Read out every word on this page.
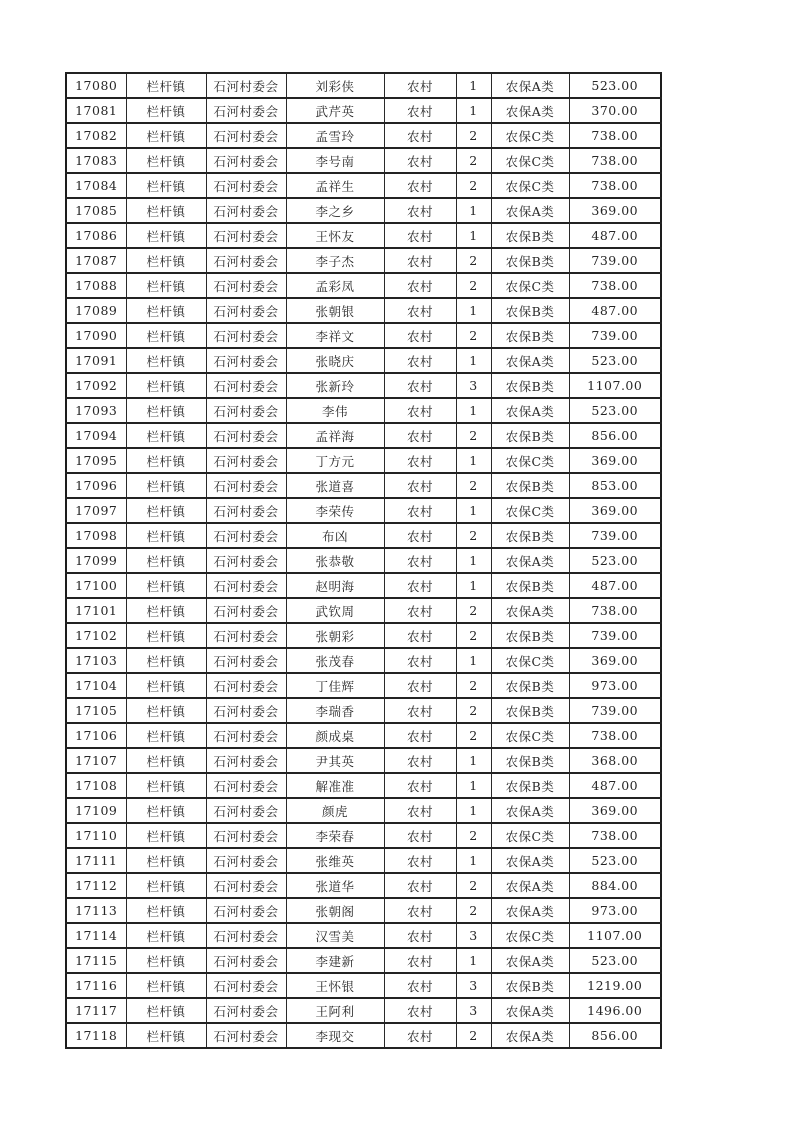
17080	栏杆镇	石河村委会	刘彩侠	农村	1	农保A类	523.00
17081	栏杆镇	石河村委会	武芹英	农村	1	农保A类	370.00
17082	栏杆镇	石河村委会	孟雪玲	农村	2	农保C类	738.00
17083	栏杆镇	石河村委会	李号南	农村	2	农保C类	738.00
17084	栏杆镇	石河村委会	孟祥生	农村	2	农保C类	738.00
17085	栏杆镇	石河村委会	李之乡	农村	1	农保A类	369.00
17086	栏杆镇	石河村委会	王怀友	农村	1	农保B类	487.00
17087	栏杆镇	石河村委会	李子杰	农村	2	农保B类	739.00
17088	栏杆镇	石河村委会	孟彩凤	农村	2	农保C类	738.00
17089	栏杆镇	石河村委会	张朝银	农村	1	农保B类	487.00
17090	栏杆镇	石河村委会	李祥文	农村	2	农保B类	739.00
17091	栏杆镇	石河村委会	张晓庆	农村	1	农保A类	523.00
17092	栏杆镇	石河村委会	张新玲	农村	3	农保B类	1107.00
17093	栏杆镇	石河村委会	李伟	农村	1	农保A类	523.00
17094	栏杆镇	石河村委会	孟祥海	农村	2	农保B类	856.00
17095	栏杆镇	石河村委会	丁方元	农村	1	农保C类	369.00
17096	栏杆镇	石河村委会	张道喜	农村	2	农保B类	853.00
17097	栏杆镇	石河村委会	李荣传	农村	1	农保C类	369.00
17098	栏杆镇	石河村委会	布凶	农村	2	农保B类	739.00
17099	栏杆镇	石河村委会	张恭敬	农村	1	农保A类	523.00
17100	栏杆镇	石河村委会	赵明海	农村	1	农保B类	487.00
17101	栏杆镇	石河村委会	武钦周	农村	2	农保A类	738.00
17102	栏杆镇	石河村委会	张朝彩	农村	2	农保B类	739.00
17103	栏杆镇	石河村委会	张茂春	农村	1	农保C类	369.00
17104	栏杆镇	石河村委会	丁佳辉	农村	2	农保B类	973.00
17105	栏杆镇	石河村委会	李瑞香	农村	2	农保B类	739.00
17106	栏杆镇	石河村委会	颜成桌	农村	2	农保C类	738.00
17107	栏杆镇	石河村委会	尹其英	农村	1	农保B类	368.00
17108	栏杆镇	石河村委会	解准准	农村	1	农保B类	487.00
17109	栏杆镇	石河村委会	颜虎	农村	1	农保A类	369.00
17110	栏杆镇	石河村委会	李荣春	农村	2	农保C类	738.00
17111	栏杆镇	石河村委会	张维英	农村	1	农保A类	523.00
17112	栏杆镇	石河村委会	张道华	农村	2	农保A类	884.00
17113	栏杆镇	石河村委会	张朝阁	农村	2	农保A类	973.00
17114	栏杆镇	石河村委会	汉雪美	农村	3	农保C类	1107.00
17115	栏杆镇	石河村委会	李建新	农村	1	农保A类	523.00
17116	栏杆镇	石河村委会	王怀银	农村	3	农保B类	1219.00
17117	栏杆镇	石河村委会	王阿利	农村	3	农保A类	1496.00
17118	栏杆镇	石河村委会	李现交	农村	2	农保A类	856.00
